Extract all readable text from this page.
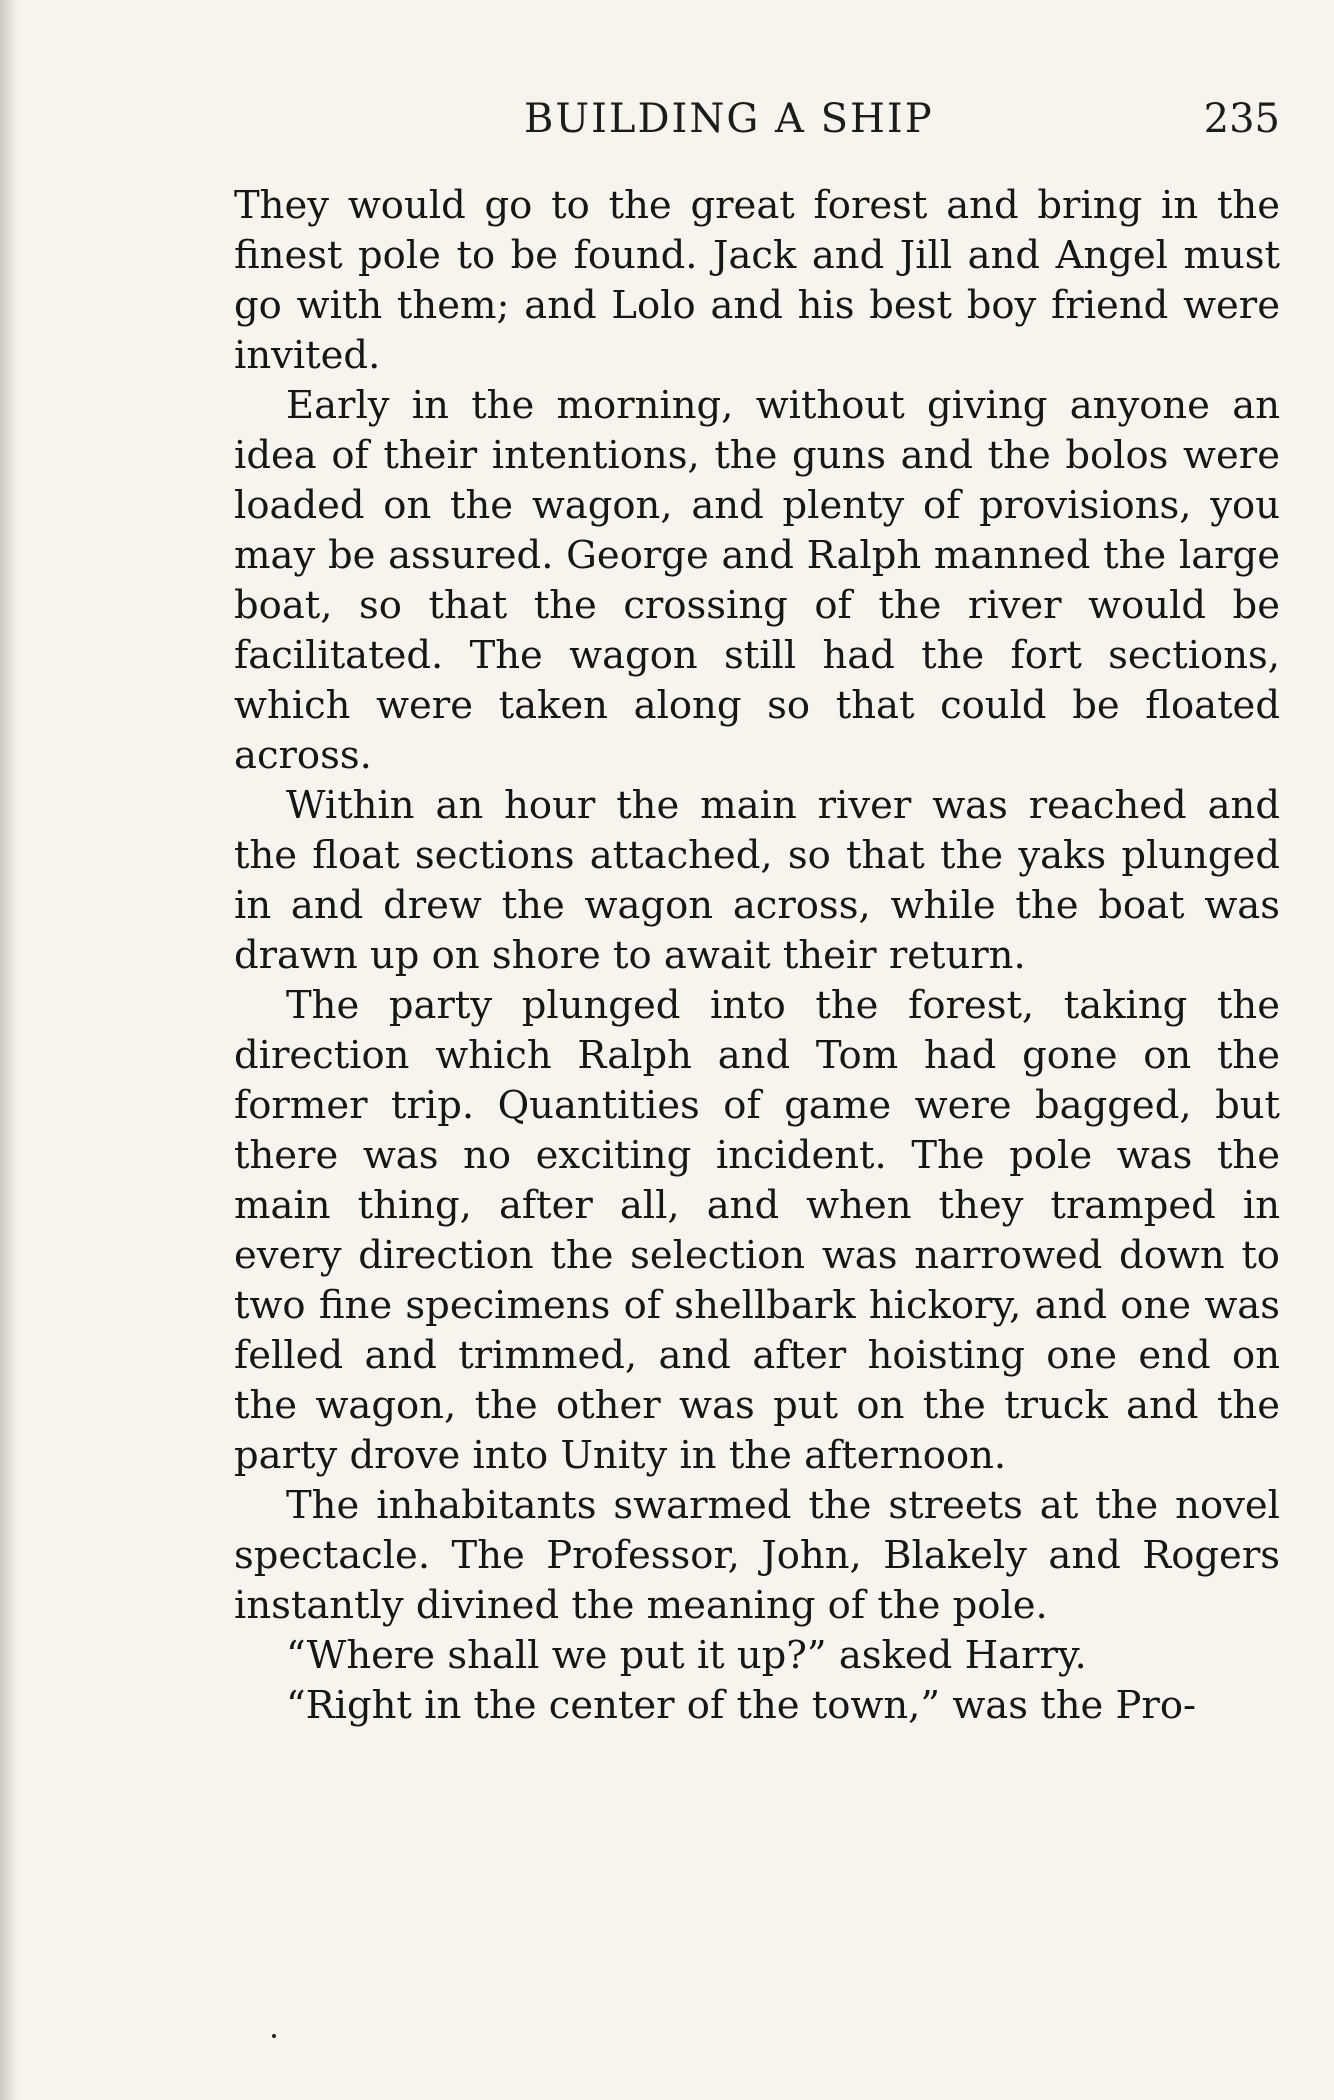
BUILDING A SHIP	235

They would go to the great forest and bring in the finest pole to be found. Jack and Jill and Angel must go with them; and Lolo and his best boy friend were invited.

Early in the morning, without giving anyone an idea of their intentions, the guns and the bolos were loaded on the wagon, and plenty of provisions, you may be assured. George and Ralph manned the large boat, so that the crossing of the river would be facilitated. The wagon still had the fort sections, which were taken along so that could be floated across.

Within an hour the main river was reached and the float sections attached, so that the yaks plunged in and drew the wagon across, while the boat was drawn up on shore to await their return.

The party plunged into the forest, taking the direction which Ralph and Tom had gone on the former trip. Quantities of game were bagged, but there was no exciting incident. The pole was the main thing, after all, and when they tramped in every direction the selection was narrowed down to two fine specimens of shellbark hickory, and one was felled and trimmed, and after hoisting one end on the wagon, the other was put on the truck and the party drove into Unity in the afternoon.

The inhabitants swarmed the streets at the novel spectacle. The Professor, John, Blakely and Rogers instantly divined the meaning of the pole.

“Where shall we put it up?” asked Harry.

“Right in the center of the town,” was the Pro-
